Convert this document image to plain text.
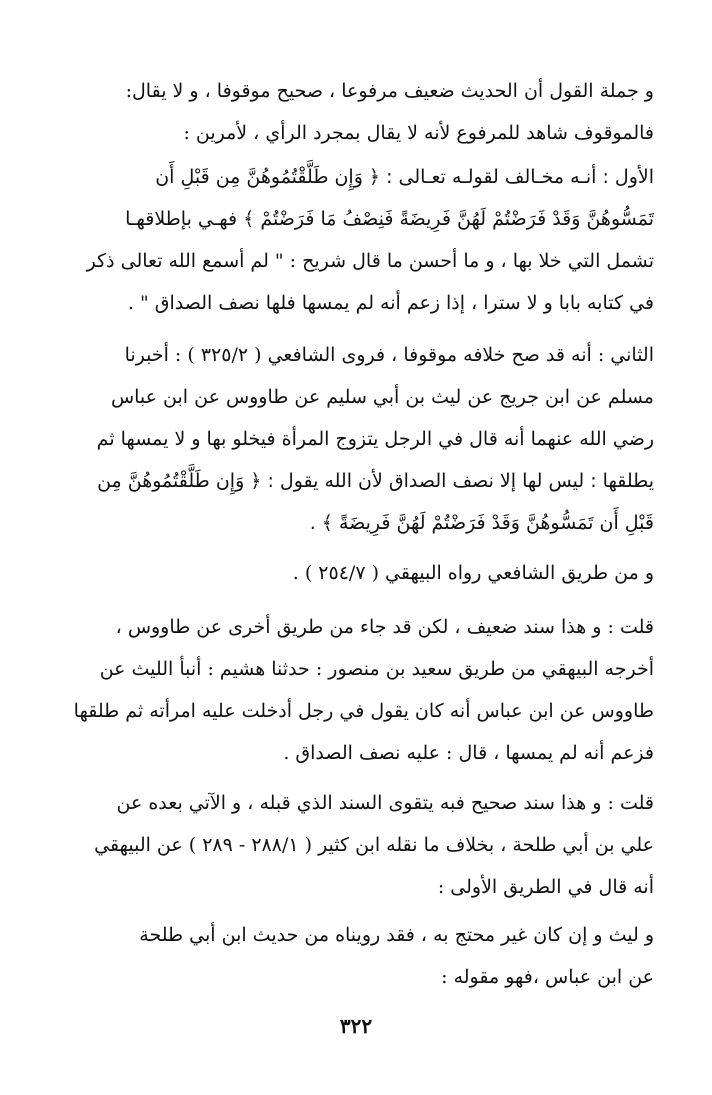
و جملة القول أن الحديث ضعيف مرفوعا ، صحيح موقوفا ، و لا يقال:
فالموقوف شاهد للمرفوع لأنه لا يقال بمجرد الرأي ، لأمرين :
الأول : أنـه مخـالف لقولـه تعـالى : ﴿ وَإِن طَلَّقْتُمُوهُنَّ مِن قَبْلِ أَن
تَمَسُّوهُنَّ وَقَدْ فَرَضْتُمْ لَهُنَّ فَرِيضَةً فَنِصْفُ مَا فَرَضْتُمْ ﴾ فهـي بإطلاقهـا
تشمل التي خلا بها ، و ما أحسن ما قال شريح : " لم أسمع الله تعالى ذكر
في كتابه بابا و لا سترا ، إذا زعم أنه لم يمسها فلها نصف الصداق " .
الثاني : أنه قد صح خلافه موقوفا ، فروى الشافعي ( ٣٢٥/٢ ) : أخبرنا
مسلم عن ابن جريج عن ليث بن أبي سليم عن طاووس عن ابن عباس
رضي الله عنهما أنه قال في الرجل يتزوج المرأة فيخلو بها و لا يمسها ثم
يطلقها : ليس لها إلا نصف الصداق لأن الله يقول : ﴿ وَإِن طَلَّقْتُمُوهُنَّ مِن
قَبْلِ أَن تَمَسُّوهُنَّ وَقَدْ فَرَضْتُمْ لَهُنَّ فَرِيضَةً ﴾ .
و من طريق الشافعي رواه البيهقي ( ٢٥٤/٧ ) .
قلت : و هذا سند ضعيف ، لكن قد جاء من طريق أخرى عن طاووس ،
أخرجه البيهقي من طريق سعيد بن منصور : حدثنا هشيم : أنبأ الليث عن
طاووس عن ابن عباس أنه كان يقول في رجل أدخلت عليه امرأته ثم طلقها
فزعم أنه لم يمسها ، قال : عليه نصف الصداق .
قلت : و هذا سند صحيح فبه يتقوى السند الذي قبله ، و الآتي بعده عن
علي بن أبي طلحة ، بخلاف ما نقله ابن كثير ( ٢٨٨/١ - ٢٨٩ ) عن البيهقي
أنه قال في الطريق الأولى :
و ليث و إن كان غير محتج به ، فقد رويناه من حديث ابن أبي طلحة
عن ابن عباس ،فهو مقوله :
٣٢٢
